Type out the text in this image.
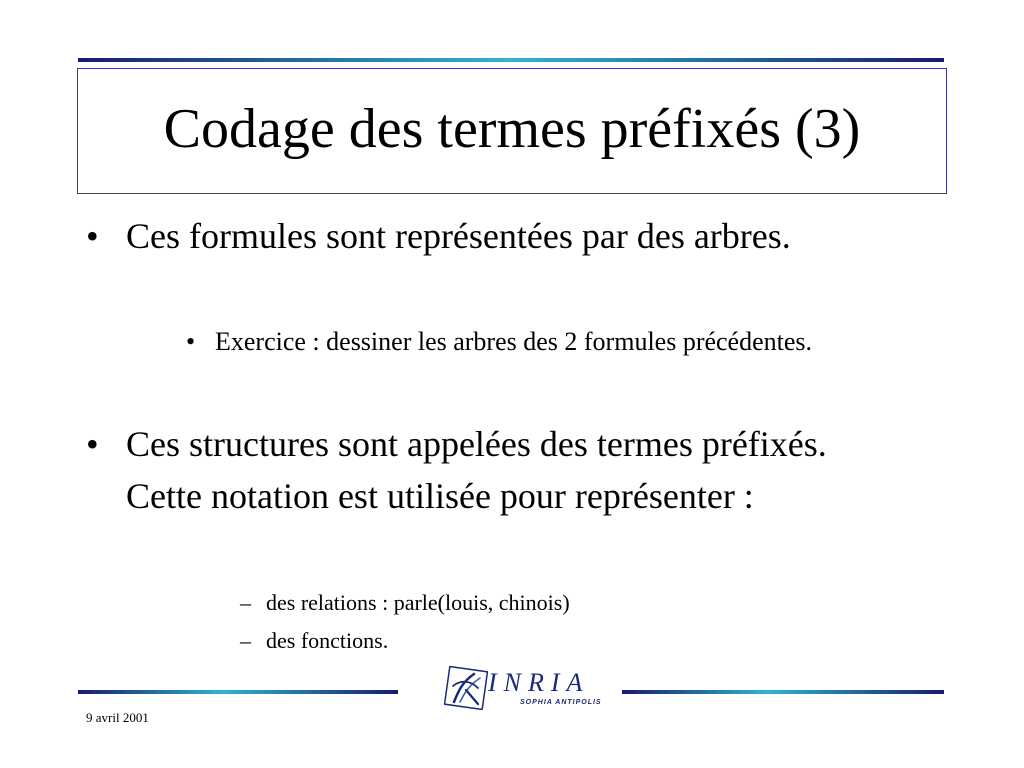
Codage des termes préfixés (3)
• Ces formules sont représentées par des arbres.
• Exercice : dessiner les arbres des 2 formules précédentes.
• Ces structures sont appelées des termes préfixés. Cette notation est utilisée pour représenter :
– des relations : parle(louis, chinois)
– des fonctions.
INRIA
SOPHIA ANTIPOLIS
9 avril 2001
